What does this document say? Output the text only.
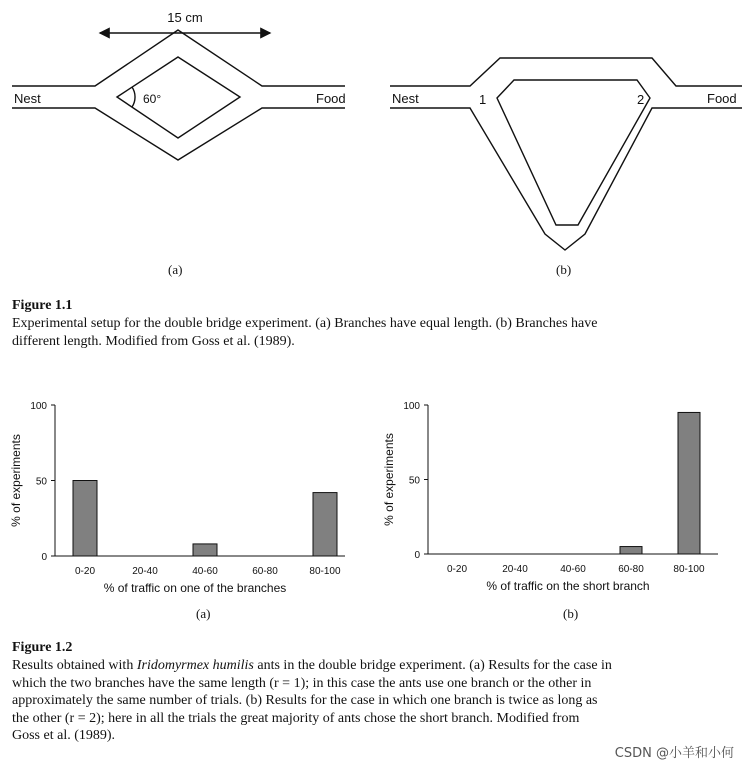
15 cm
60°
Nest	Food	Nest	Food
1	2
(a)	(b)
Figure 1.1
Experimental setup for the double bridge experiment. (a) Branches have equal length. (b) Branches have
different length. Modified from Goss et al. (1989).
0
50
100
0-20	20-40	40-60	60-80	80-100
% of traffic on one of the branches
% of experiments
0
50
100
0-20	20-40	40-60	60-80	80-100
% of traffic on the short branch
% of experiments
(a)	(b)
Figure 1.2
Results obtained with Iridomyrmex humilis ants in the double bridge experiment. (a) Results for the case in
which the two branches have the same length (r = 1); in this case the ants use one branch or the other in
approximately the same number of trials. (b) Results for the case in which one branch is twice as long as
the other (r = 2); here in all the trials the great majority of ants chose the short branch. Modified from
Goss et al. (1989).
CSDN @小羊和小何
